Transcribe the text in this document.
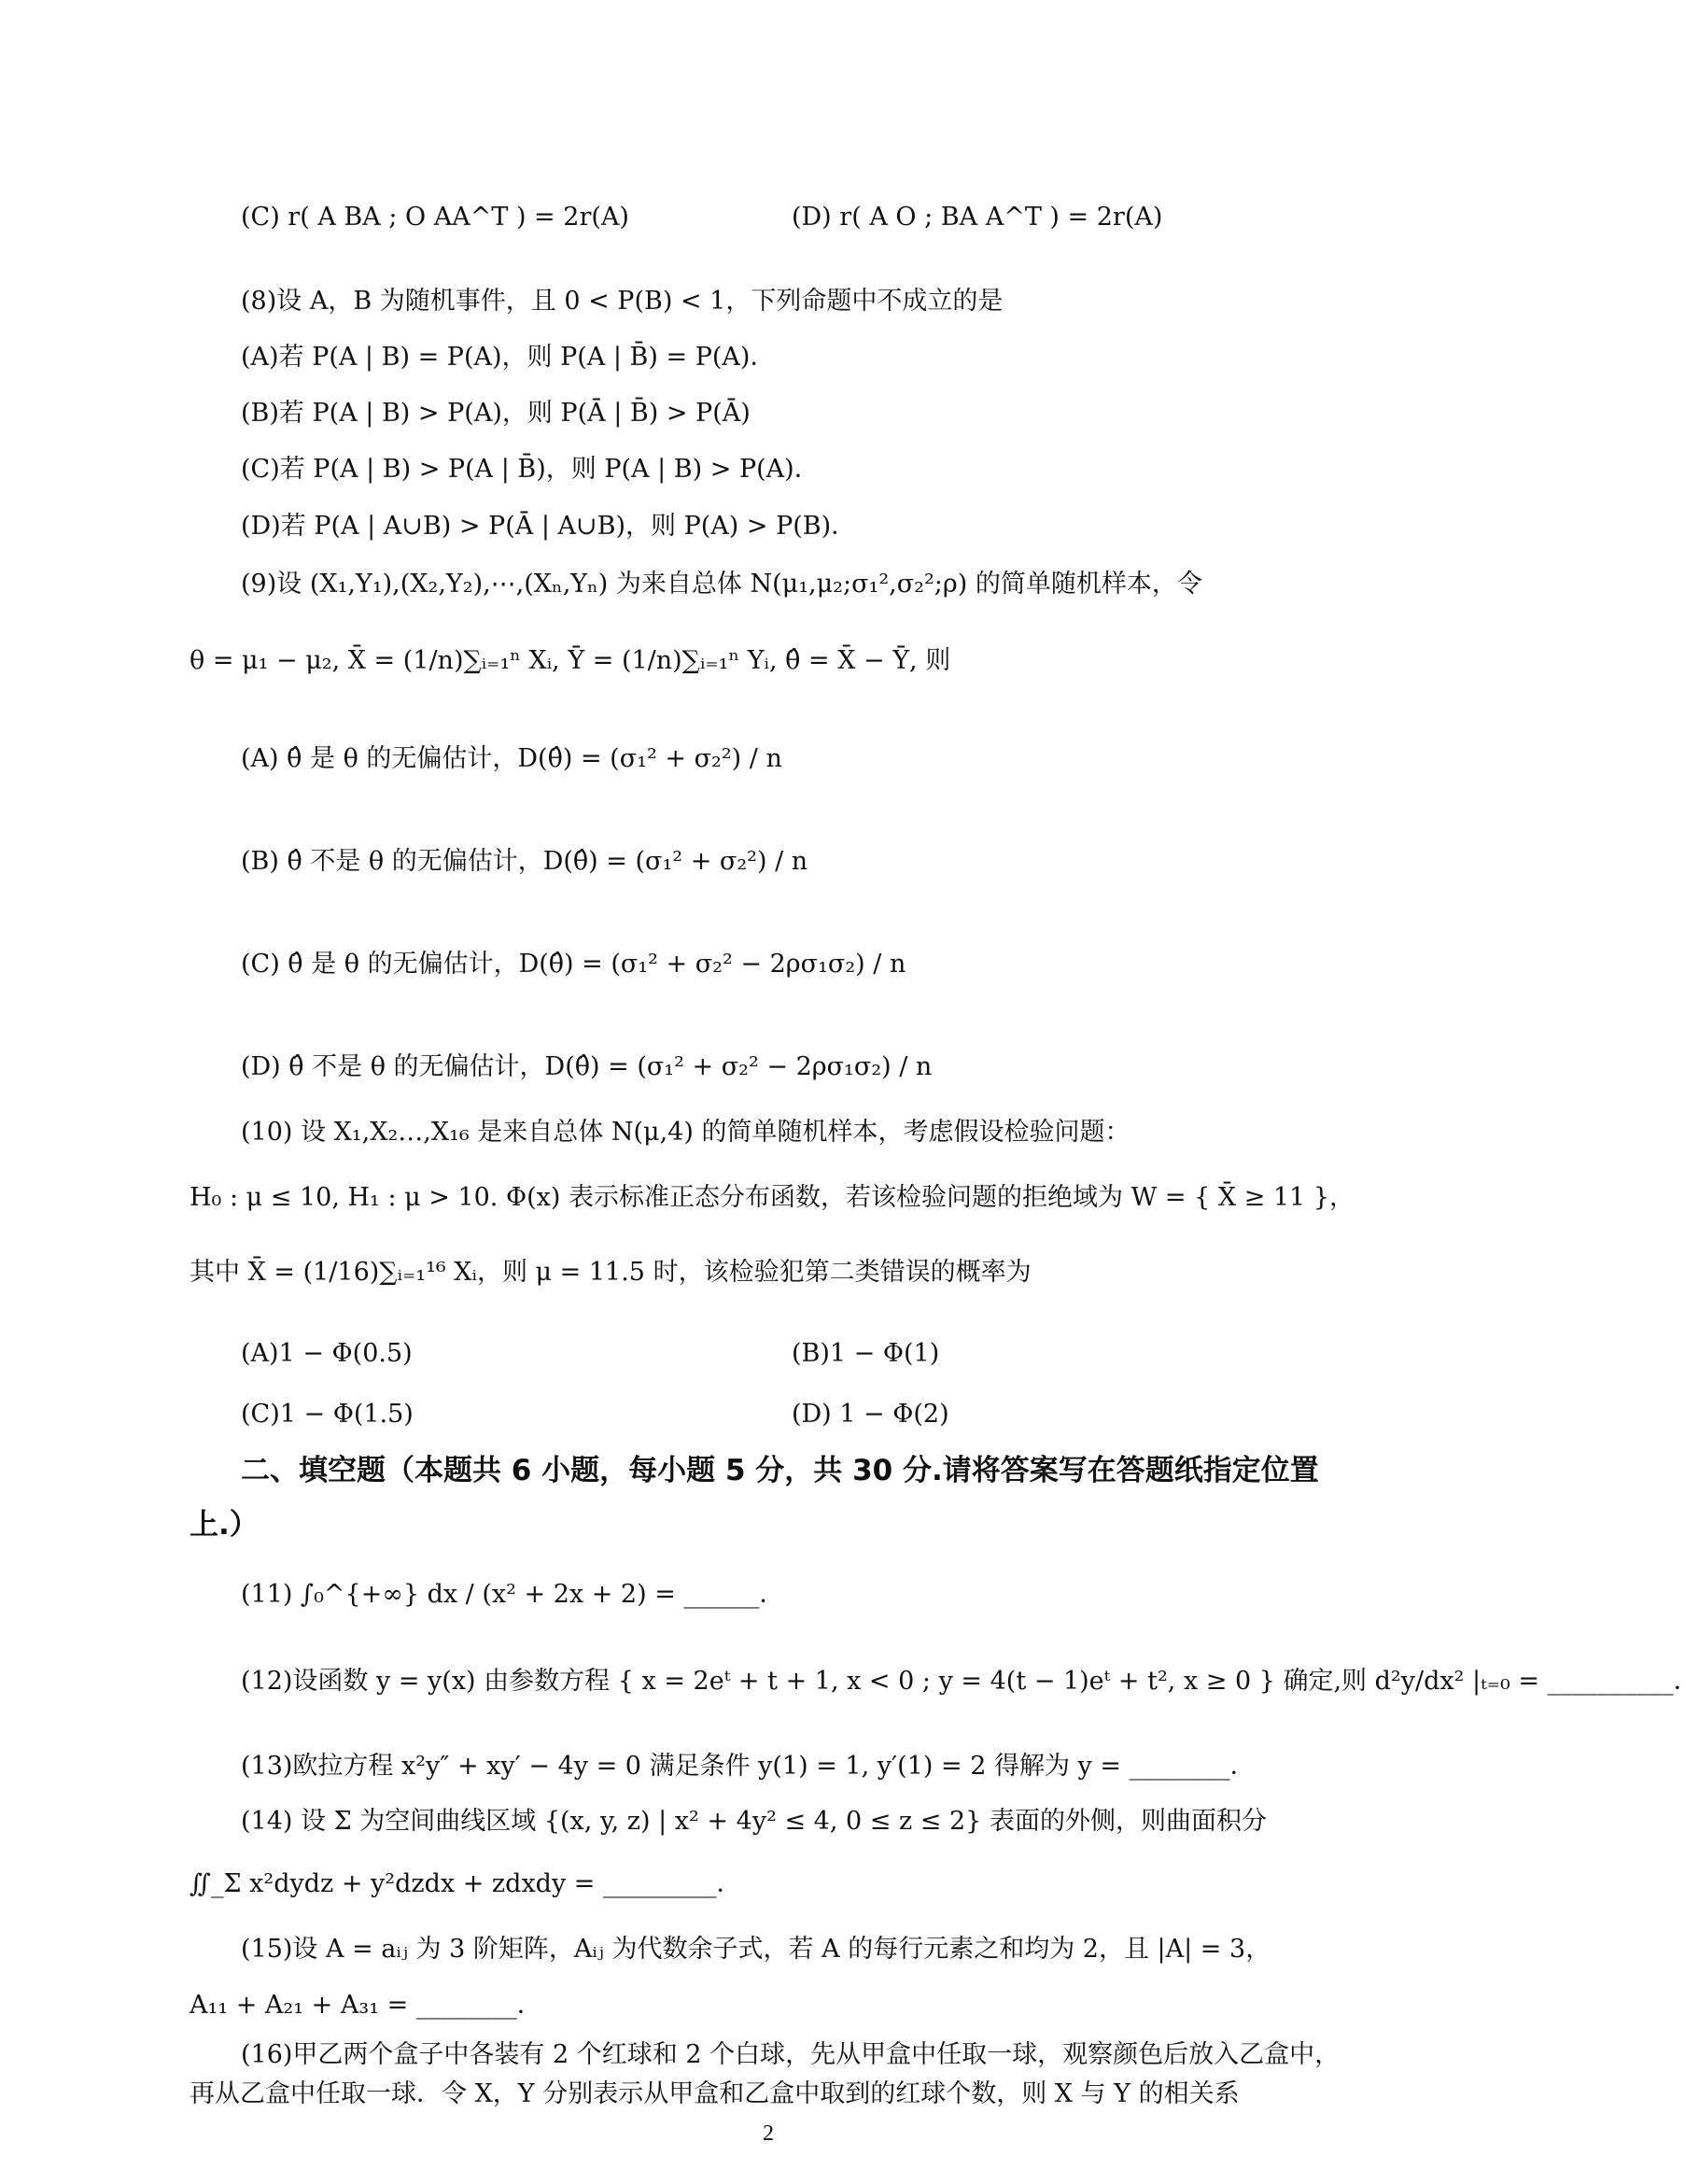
(C) r( A BA ; O AA^T ) = 2r(A)	(D) r( A O ; BA A^T ) = 2r(A)
(8)设 A，B 为随机事件，且 0 < P(B) < 1，下列命题中不成立的是
(A)若 P(A | B) = P(A)，则 P(A | B̄) = P(A)．
(B)若 P(A | B) > P(A)，则 P(Ā | B̄) > P(Ā)
(C)若 P(A | B) > P(A | B̄)，则 P(A | B) > P(A)．
(D)若 P(A | A∪B) > P(Ā | A∪B)，则 P(A) > P(B)．
(9)设 (X₁,Y₁),(X₂,Y₂),⋯,(Xₙ,Yₙ) 为来自总体 N(μ₁,μ₂;σ₁²,σ₂²;ρ) 的简单随机样本，令
θ = μ₁ − μ₂, X̄ = (1/n)∑ᵢ₌₁ⁿ Xᵢ, Ȳ = (1/n)∑ᵢ₌₁ⁿ Yᵢ, θ̂ = X̄ − Ȳ, 则
(A) θ̂ 是 θ 的无偏估计，D(θ̂) = (σ₁² + σ₂²) / n
(B) θ̂ 不是 θ 的无偏估计，D(θ̂) = (σ₁² + σ₂²) / n
(C) θ̂ 是 θ 的无偏估计，D(θ̂) = (σ₁² + σ₂² − 2ρσ₁σ₂) / n
(D) θ̂ 不是 θ 的无偏估计，D(θ̂) = (σ₁² + σ₂² − 2ρσ₁σ₂) / n
(10) 设 X₁,X₂…,X₁₆ 是来自总体 N(μ,4) 的简单随机样本，考虑假设检验问题：
H₀ : μ ≤ 10, H₁ : μ > 10. Φ(x) 表示标准正态分布函数，若该检验问题的拒绝域为 W = { X̄ ≥ 11 }，
其中 X̄ = (1/16)∑ᵢ₌₁¹⁶ Xᵢ，则 μ = 11.5 时，该检验犯第二类错误的概率为
(A)1 − Φ(0.5)	(B)1 − Φ(1)
(C)1 − Φ(1.5)	(D) 1 − Φ(2)
二、填空题（本题共 6 小题，每小题 5 分，共 30 分.请将答案写在答题纸指定位置
上.）
(11) ∫₀^{+∞} dx / (x² + 2x + 2) = ______．
(12)设函数 y = y(x) 由参数方程 { x = 2eᵗ + t + 1, x < 0 ; y = 4(t − 1)eᵗ + t², x ≥ 0 } 确定,则 d²y/dx² |ₜ₌₀ = __________．
(13)欧拉方程 x²y″ + xy′ − 4y = 0 满足条件 y(1) = 1, y′(1) = 2 得解为 y = ________．
(14) 设 Σ 为空间曲线区域 {(x, y, z) | x² + 4y² ≤ 4, 0 ≤ z ≤ 2} 表面的外侧，则曲面积分
∬_Σ x²dydz + y²dzdx + zdxdy = _________．
(15)设 A = aᵢⱼ 为 3 阶矩阵，Aᵢⱼ 为代数余子式，若 A 的每行元素之和均为 2，且 |A| = 3，
A₁₁ + A₂₁ + A₃₁ = ________．
(16)甲乙两个盒子中各装有 2 个红球和 2 个白球，先从甲盒中任取一球，观察颜色后放入乙盒中，
再从乙盒中任取一球．令 X，Y 分别表示从甲盒和乙盒中取到的红球个数，则 X 与 Y 的相关系
2
